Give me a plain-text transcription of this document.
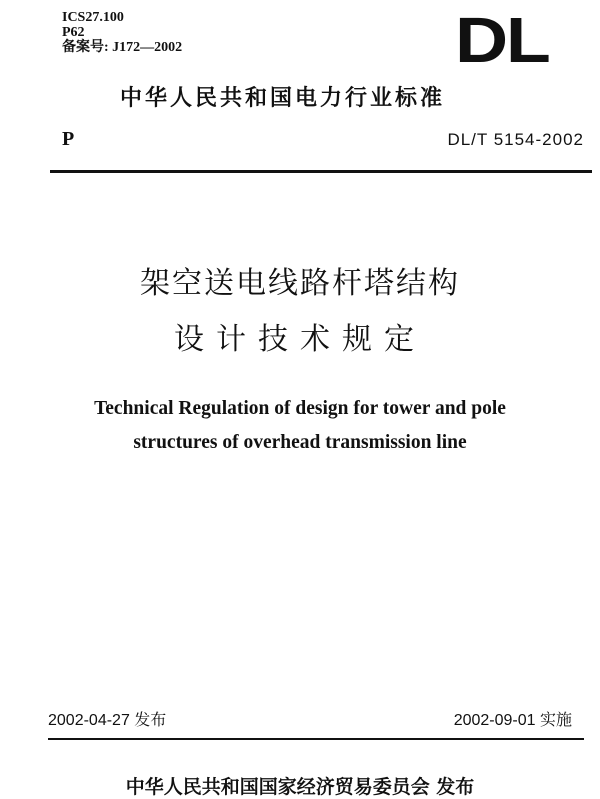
ICS27.100
P62
备案号: J172—2002	DL
中华人民共和国电力行业标准
P	DL/T 5154-2002
架空送电线路杆塔结构
设计技术规定
Technical Regulation of design for tower and pole
structures of overhead transmission line
2002-04-27 发布	2002-09-01 实施
中华人民共和国国家经济贸易委员会 发布
